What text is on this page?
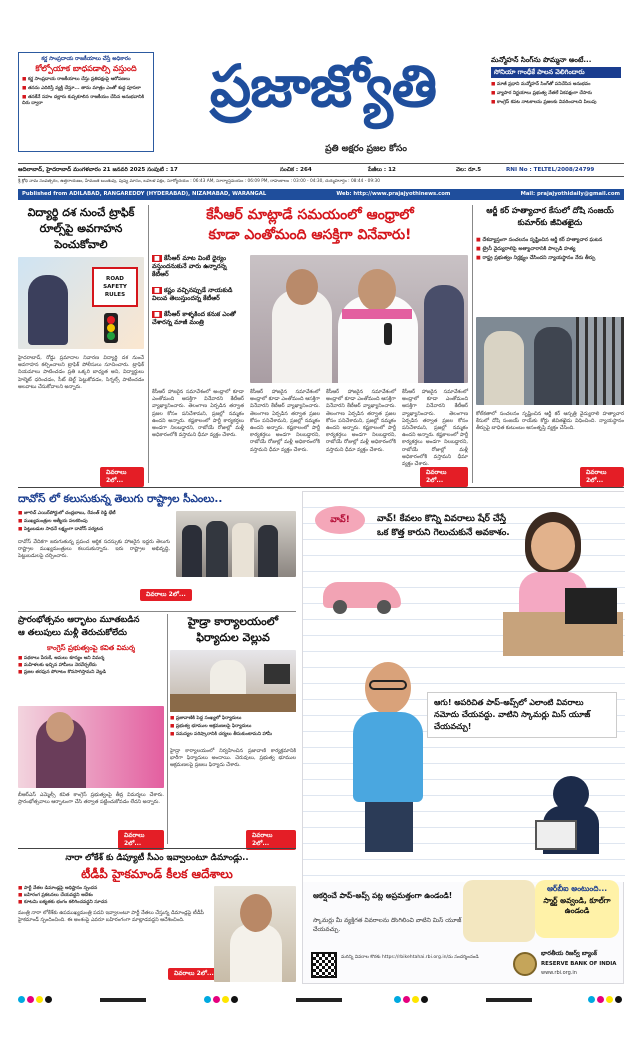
కర్ణ సాంప్రదాయ రాజకీయాలు చేస్తే అధికారం
కోల్పోయాక బాధపడాల్సి వస్తుంది
■ కర్ణ సాంప్రదాయ రాజకీయాలు చేస్తు ప్రతిపక్షంపై ఆరోపణలు
■ తనను ఎదిరిస్తే వ్యక్తి చేస్తూ... తాను మాత్రం ఎంతో శుద్ధ పూసలా
■ తనకేనే సహం దల్లారు కుప్పకూలిన రాజకీయం చేసిన అనుభవానికి చిరు ద్వారా	ప్రజాజ్యోతి
ప్రతి అక్షరం ప్రజల కోసం
మన్మోహన్ సింగ్‌ను పొమ్మనా అంటే...
సోనియా గాంధీకే పాలన వెలిగిందారు
■ మాజీ ప్రధాని మన్మోహన్ సింగ్‌తో పనిచేసిన అనుభవం
■ వ్యాపార నిర్ణయాలు ప్రభుత్వ నేతలే ఏకపక్షంగా చేసారు
■ కాంగ్రెస్ కపట నాటకాలను ప్రజలకు వివరించాలని పిలుపు
ఆదిలాబాద్, హైదరాబాద్ మంగళవారం 21 జనవరి 2025 సంపుటి : 17	సంచిక : 264	పేజీలు : 12	వెల: రూ.5	RNI No : TELTEL/2008/24799
శ్రీ క్రోధి నామ సంవత్సరం, ఉత్తరాయణం, హేమంత ఋతువు, పుష్య మాసం, బహుళ పక్షం, సూర్యోదయం : 06:43 AM, సూర్యాస్తమయం : 06:09 PM, రాహుకాలం : 03:00 - 04:30, దుర్ముహూర్తం : 08:44 - 09:30
Published from ADILABAD, RANGAREDDY (HYDERABAD), NIZAMABAD, WARANGAL	Web: http://www.prajajyothinews.com	Mail: prajajyothidaily@gmail.com
విద్యార్థి దశ నుంచే ట్రాఫిక్ రూల్స్‌పై అవగాహన పెంచుకోవాలి
ROAD SAFETY RULES
హైదరాబాద్, రోడ్డు ప్రమాదాల నివారణ విద్యార్థి దశ నుంచే అవగాహన కల్పించాలని ట్రాఫిక్ పోలీసులు సూచించారు. ట్రాఫిక్ నియమాలు పాటించడం ప్రతి ఒక్కరి బాధ్యత అని, విద్యార్థులు హెల్మెట్ ధరించడం, సీట్ బెల్ట్ పెట్టుకోవడం, సిగ్నల్స్ పాటించడం అలవాటు చేసుకోవాలని అన్నారు.
వివరాలు 2లో...
కేసీఆర్ మాట్లాడే సమయంలో ఆంధ్రాలో
కూడా ఎంతోమంది ఆసక్తిగా వినేవారు!
■ కేసీఆర్ మాట వింటే ధైర్యం వస్తుందనుకునే వారు ఉన్నారన్న కేటీఆర్
■ కష్టం వచ్చినప్పుడే నాయకుడి విలువ తెలుస్తుందన్న కేటీఆర్
■ కేసీఆర్ కాళ్ళకింద కనుక ఎంతో చేశారన్న మాజీ మంత్రి
కేసీఆర్ హాజరైన సమావేశంలో అంధ్రాలో కూడా ఎంతోమంది ఆసక్తిగా వినేవారని కేటీఆర్ వ్యాఖ్యానించారు. తెలంగాణ ఏర్పడిన తర్వాత ప్రజల కోసం పనిచేశామని, ప్రజల్లో నమ్మకం ఉందని అన్నారు. కష్టకాలంలో పార్టీ కార్యకర్తలు అండగా నిలబడ్డారని, రాబోయే రోజుల్లో మళ్లీ అధికారంలోకి వస్తామని ధీమా వ్యక్తం చేశారు.
కేసీఆర్ హాజరైన సమావేశంలో అంధ్రాలో కూడా ఎంతోమంది ఆసక్తిగా వినేవారని కేటీఆర్ వ్యాఖ్యానించారు. తెలంగాణ ఏర్పడిన తర్వాత ప్రజల కోసం పనిచేశామని, ప్రజల్లో నమ్మకం ఉందని అన్నారు. కష్టకాలంలో పార్టీ కార్యకర్తలు అండగా నిలబడ్డారని, రాబోయే రోజుల్లో మళ్లీ అధికారంలోకి వస్తామని ధీమా వ్యక్తం చేశారు.
కేసీఆర్ హాజరైన సమావేశంలో అంధ్రాలో కూడా ఎంతోమంది ఆసక్తిగా వినేవారని కేటీఆర్ వ్యాఖ్యానించారు. తెలంగాణ ఏర్పడిన తర్వాత ప్రజల కోసం పనిచేశామని, ప్రజల్లో నమ్మకం ఉందని అన్నారు. కష్టకాలంలో పార్టీ కార్యకర్తలు అండగా నిలబడ్డారని, రాబోయే రోజుల్లో మళ్లీ అధికారంలోకి వస్తామని ధీమా వ్యక్తం చేశారు.
కేసీఆర్ హాజరైన సమావేశంలో అంధ్రాలో కూడా ఎంతోమంది ఆసక్తిగా వినేవారని కేటీఆర్ వ్యాఖ్యానించారు. తెలంగాణ ఏర్పడిన తర్వాత ప్రజల కోసం పనిచేశామని, ప్రజల్లో నమ్మకం ఉందని అన్నారు. కష్టకాలంలో పార్టీ కార్యకర్తలు అండగా నిలబడ్డారని, రాబోయే రోజుల్లో మళ్లీ అధికారంలోకి వస్తామని ధీమా వ్యక్తం చేశారు.
వివరాలు 2లో...
ఆర్జీ కర్ హత్యాచార కేసులో దోషి సంజయ్ కుమార్‌కు జీవితఖైదు
■ దేశవ్యాప్తంగా సంచలనం సృష్టించిన ఆర్జీ కర్ హత్యాచార ఘటన
■ ట్రైనీ వైద్యురాలిపై అత్యాచారానికి పాల్పడి హత్య
■ రాష్ట్ర ప్రభుత్వం నిర్లక్ష్యం చేసిందని న్యాయస్థానం నేరు తీర్పు
కోల్‌కతాలో సంచలనం సృష్టించిన ఆర్జీ కర్ ఆస్పత్రి వైద్యురాలి హత్యాచార కేసులో దోషి సంజయ్ రాయ్‌కు కోర్టు జీవితఖైదు విధించింది. న్యాయస్థానం తీర్పుపై బాధిత కుటుంబం అసంతృప్తి వ్యక్తం చేసింది.
వివరాలు 2లో...
దావోస్ లో కలుసుకున్న తెలుగు రాష్ట్రాల సీఎంలు..
■ జూరిచ్ ఎయిర్‌పోర్టులో చంద్రబాబు, రేవంత్ రెడ్డి భేటీ
■ ముఖ్యమంత్రుల ఆత్మీయ పలకరింపు
■ పెట్టుబడుల సాధనే లక్ష్యంగా దావోస్ పర్యటన
దావోస్ వేదికగా జరుగుతున్న ప్రపంచ ఆర్థిక సదస్సుకు హాజరైన ఇద్దరు తెలుగు రాష్ట్రాల ముఖ్యమంత్రులు కలుసుకున్నారు. ఇరు రాష్ట్రాల అభివృద్ధి, పెట్టుబడులపై చర్చించారు.
వివరాలు 2లో...
ప్రారంభోత్సవం ఆర్భాటం మూతబడిన
ఆ తలుపులు మళ్లీ తెరుచుకోలేదు
కాంగ్రెస్ ప్రభుత్వంపై కవిత విమర్శ
■ పథకాలు పేరుకే, అమలు శూన్యం అని విమర్శ
■ మహిళలకు ఇచ్చిన హామీలు నెరవేర్చలేదు
■ ప్రజల తరఫున పోరాటం కొనసాగిస్తామని వెల్లడి
బీఆర్ఎస్ ఎమ్మెల్సీ కవిత కాంగ్రెస్ ప్రభుత్వంపై తీవ్ర విమర్శలు చేశారు. ప్రారంభోత్సవాలు ఆర్భాటంగా చేసి తర్వాత పట్టించుకోవడం లేదని అన్నారు.
వివరాలు 2లో...
హైడ్రా కార్యాలయంలో
ఫిర్యాదుల వెల్లువ
■ ప్రజావాణికి పెద్ద సంఖ్యలో ఫిర్యాదులు
■ ప్రభుత్వ భూముల ఆక్రమణలపై ఫిర్యాదులు
■ సమస్యల పరిష్కారానికి చర్యలు తీసుకుంటామని హామీ
హైడ్రా కార్యాలయంలో నిర్వహించిన ప్రజావాణి కార్యక్రమానికి భారీగా ఫిర్యాదులు అందాయి. చెరువులు, ప్రభుత్వ భూముల ఆక్రమణలపై ప్రజలు ఫిర్యాదు చేశారు.
వివరాలు 2లో...
నారా లోకేశ్ కు డిప్యూటీ సీఎం ఇవ్వాలంటూ డిమాండ్లు..
టీడీపీ హైకమాండ్ కీలక ఆదేశాలు
■ పార్టీ నేతల డిమాండ్లపై అధిష్టానం స్పందన
■ బహిరంగ ప్రకటనలు చేయవద్దని ఆదేశం
■ కూటమి ఐక్యతకు భంగం కలిగించవద్దని సూచన
మంత్రి నారా లోకేశ్‌కు ఉపముఖ్యమంత్రి పదవి ఇవ్వాలంటూ పార్టీ నేతలు చేస్తున్న డిమాండ్లపై టీడీపీ హైకమాండ్ స్పందించింది. ఈ అంశంపై ఎవరూ బహిరంగంగా మాట్లాడవద్దని ఆదేశించింది.
వివరాలు 2లో...
వావ్!	వావ్! కేవలం కొన్ని వివరాలు షేర్ చేస్తే ఒక కొత్త కారుని గెలుచుకునే అవకాశం.
ఆగు! అపరిచిత పాప్-అప్స్‌లో ఎలాంటి వివరాలు నమోదు చేయవద్దు. వాటిని స్కామర్లు మిస్ యూజ్ చేయవచ్చు!
ఆకర్షించే పాప్-అప్స్ పట్ల అప్రమత్తంగా ఉండండి!
స్కామర్లు మీ వ్యక్తిగత వివరాలను దొంగిలించి వాటిని మిస్ యూజ్ చేయవచ్చు.
ఆర్‌బీఐ అంటుంది...
స్మార్ట్ అవ్వండి, కూల్‌గా ఉండండి
మరిన్ని వివరాల కొరకు https://rbikehtahai.rbi.org.in/ను సందర్శించండి
భారతీయ రిజర్వ్ బ్యాంక్
RESERVE BANK OF INDIA
www.rbi.org.in
